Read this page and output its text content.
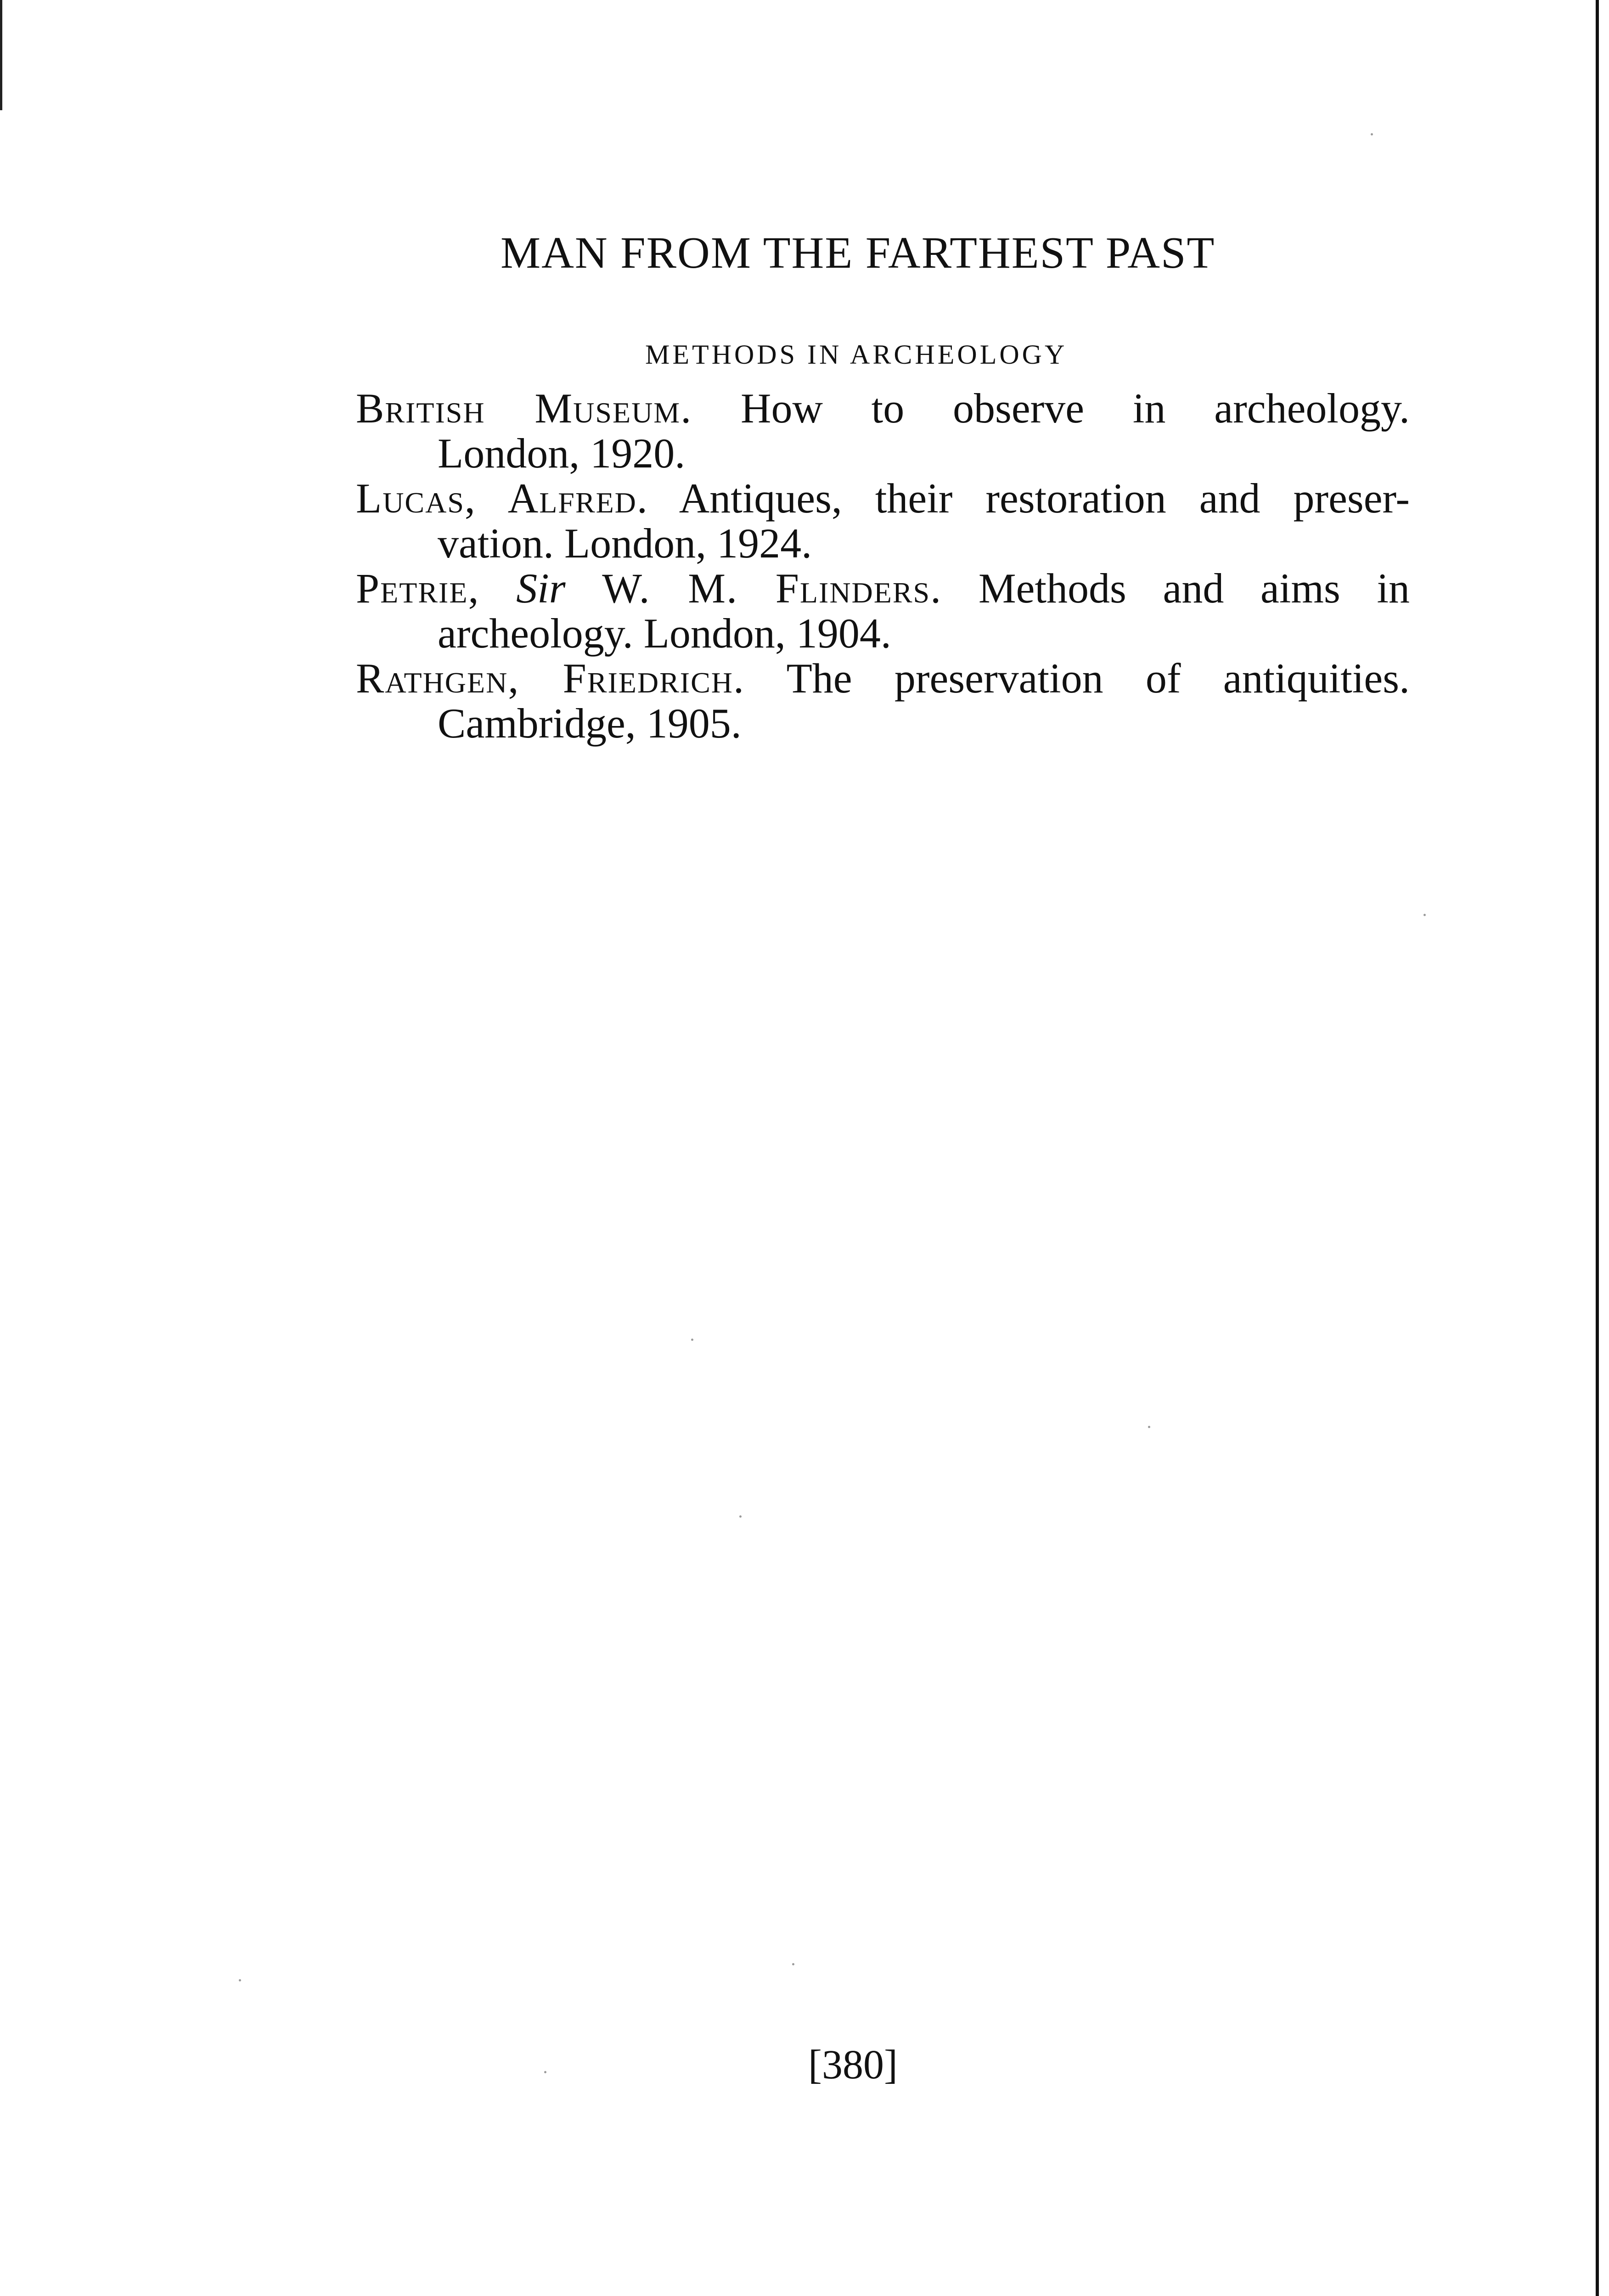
MAN FROM THE FARTHEST PAST
METHODS IN ARCHEOLOGY
British Museum. How to observe in archeology.
London, 1920.
Lucas, Alfred. Antiques, their restoration and preser-
vation. London, 1924.
Petrie, Sir W. M. Flinders. Methods and aims in
archeology. London, 1904.
Rathgen, Friedrich. The preservation of antiquities.
Cambridge, 1905.
[380]
